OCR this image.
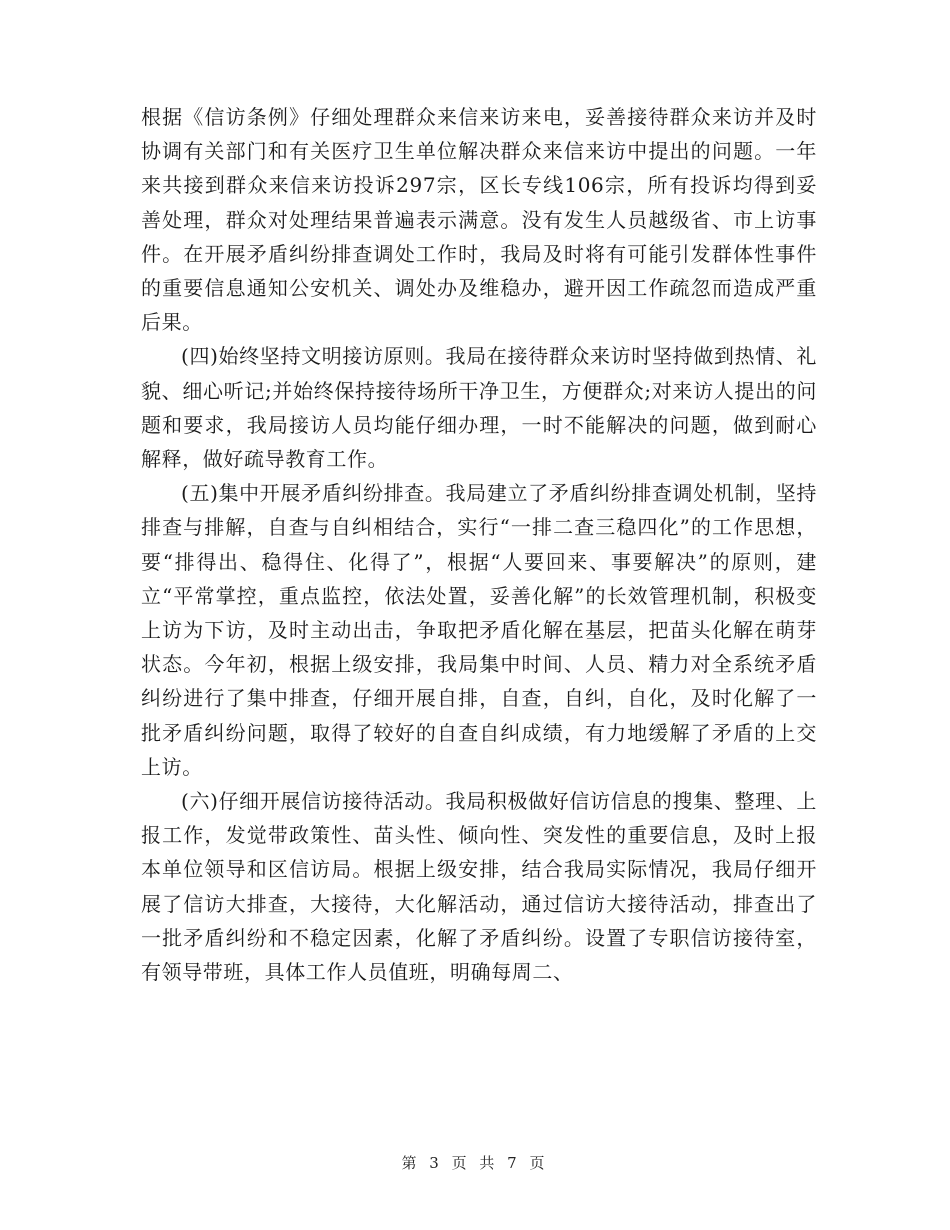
根据《信访条例》仔细处理群众来信来访来电，妥善接待群众来访并及时协调有关部门和有关医疗卫生单位解决群众来信来访中提出的问题。一年来共接到群众来信来访投诉297宗，区长专线106宗，所有投诉均得到妥善处理，群众对处理结果普遍表示满意。没有发生人员越级省、市上访事件。在开展矛盾纠纷排查调处工作时，我局及时将有可能引发群体性事件的重要信息通知公安机关、调处办及维稳办，避开因工作疏忽而造成严重后果。

(四)始终坚持文明接访原则。我局在接待群众来访时坚持做到热情、礼貌、细心听记;并始终保持接待场所干净卫生，方便群众;对来访人提出的问题和要求，我局接访人员均能仔细办理，一时不能解决的问题，做到耐心解释，做好疏导教育工作。

(五)集中开展矛盾纠纷排查。我局建立了矛盾纠纷排查调处机制，坚持排查与排解，自查与自纠相结合，实行“一排二查三稳四化”的工作思想，要“排得出、稳得住、化得了”，根据“人要回来、事要解决”的原则，建立“平常掌控，重点监控，依法处置，妥善化解”的长效管理机制，积极变上访为下访，及时主动出击，争取把矛盾化解在基层，把苗头化解在萌芽状态。今年初，根据上级安排，我局集中时间、人员、精力对全系统矛盾纠纷进行了集中排查，仔细开展自排，自查，自纠，自化，及时化解了一批矛盾纠纷问题，取得了较好的自查自纠成绩，有力地缓解了矛盾的上交上访。

(六)仔细开展信访接待活动。我局积极做好信访信息的搜集、整理、上报工作，发觉带政策性、苗头性、倾向性、突发性的重要信息，及时上报本单位领导和区信访局。根据上级安排，结合我局实际情况，我局仔细开展了信访大排查，大接待，大化解活动，通过信访大接待活动，排查出了一批矛盾纠纷和不稳定因素，化解了矛盾纠纷。设置了专职信访接待室，有领导带班，具体工作人员值班，明确每周二、

第 3 页 共 7 页
